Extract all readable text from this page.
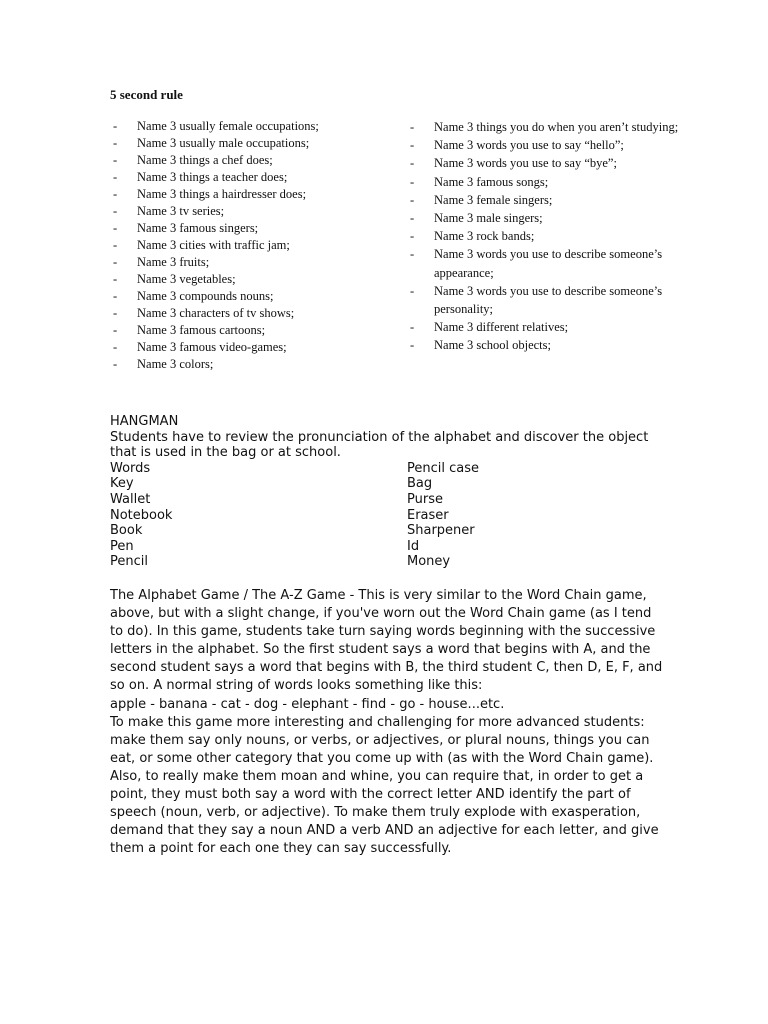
5 second rule
- Name 3 usually female occupations;
- Name 3 usually male occupations;
- Name 3 things a chef does;
- Name 3 things a teacher does;
- Name 3 things a hairdresser does;
- Name 3 tv series;
- Name 3 famous singers;
- Name 3 cities with traffic jam;
- Name 3 fruits;
- Name 3 vegetables;
- Name 3 compounds nouns;
- Name 3 characters of tv shows;
- Name 3 famous cartoons;
- Name 3 famous video-games;
- Name 3 colors;
- Name 3 things you do when you aren’t studying;
- Name 3 words you use to say “hello”;
- Name 3 words you use to say “bye”;
- Name 3 famous songs;
- Name 3 female singers;
- Name 3 male singers;
- Name 3 rock bands;
- Name 3 words you use to describe someone’s appearance;
- Name 3 words you use to describe someone’s personality;
- Name 3 different relatives;
- Name 3 school objects;
HANGMAN
Students have to review the pronunciation of the alphabet and discover the object that is used in the bag or at school.
Words	Pencil case
Key	Bag
Wallet	Purse
Notebook	Eraser
Book	Sharpener
Pen	Id
Pencil	Money

The Alphabet Game / The A-Z Game - This is very similar to the Word Chain game, above, but with a slight change, if you've worn out the Word Chain game (as I tend to do). In this game, students take turn saying words beginning with the successive letters in the alphabet. So the first student says a word that begins with A, and the second student says a word that begins with B, the third student C, then D, E, F, and so on. A normal string of words looks something like this:

apple - banana - cat - dog - elephant - find - go - house...etc.

To make this game more interesting and challenging for more advanced students: make them say only nouns, or verbs, or adjectives, or plural nouns, things you can eat, or some other category that you come up with (as with the Word Chain game). Also, to really make them moan and whine, you can require that, in order to get a point, they must both say a word with the correct letter AND identify the part of speech (noun, verb, or adjective). To make them truly explode with exasperation, demand that they say a noun AND a verb AND an adjective for each letter, and give them a point for each one they can say successfully.
